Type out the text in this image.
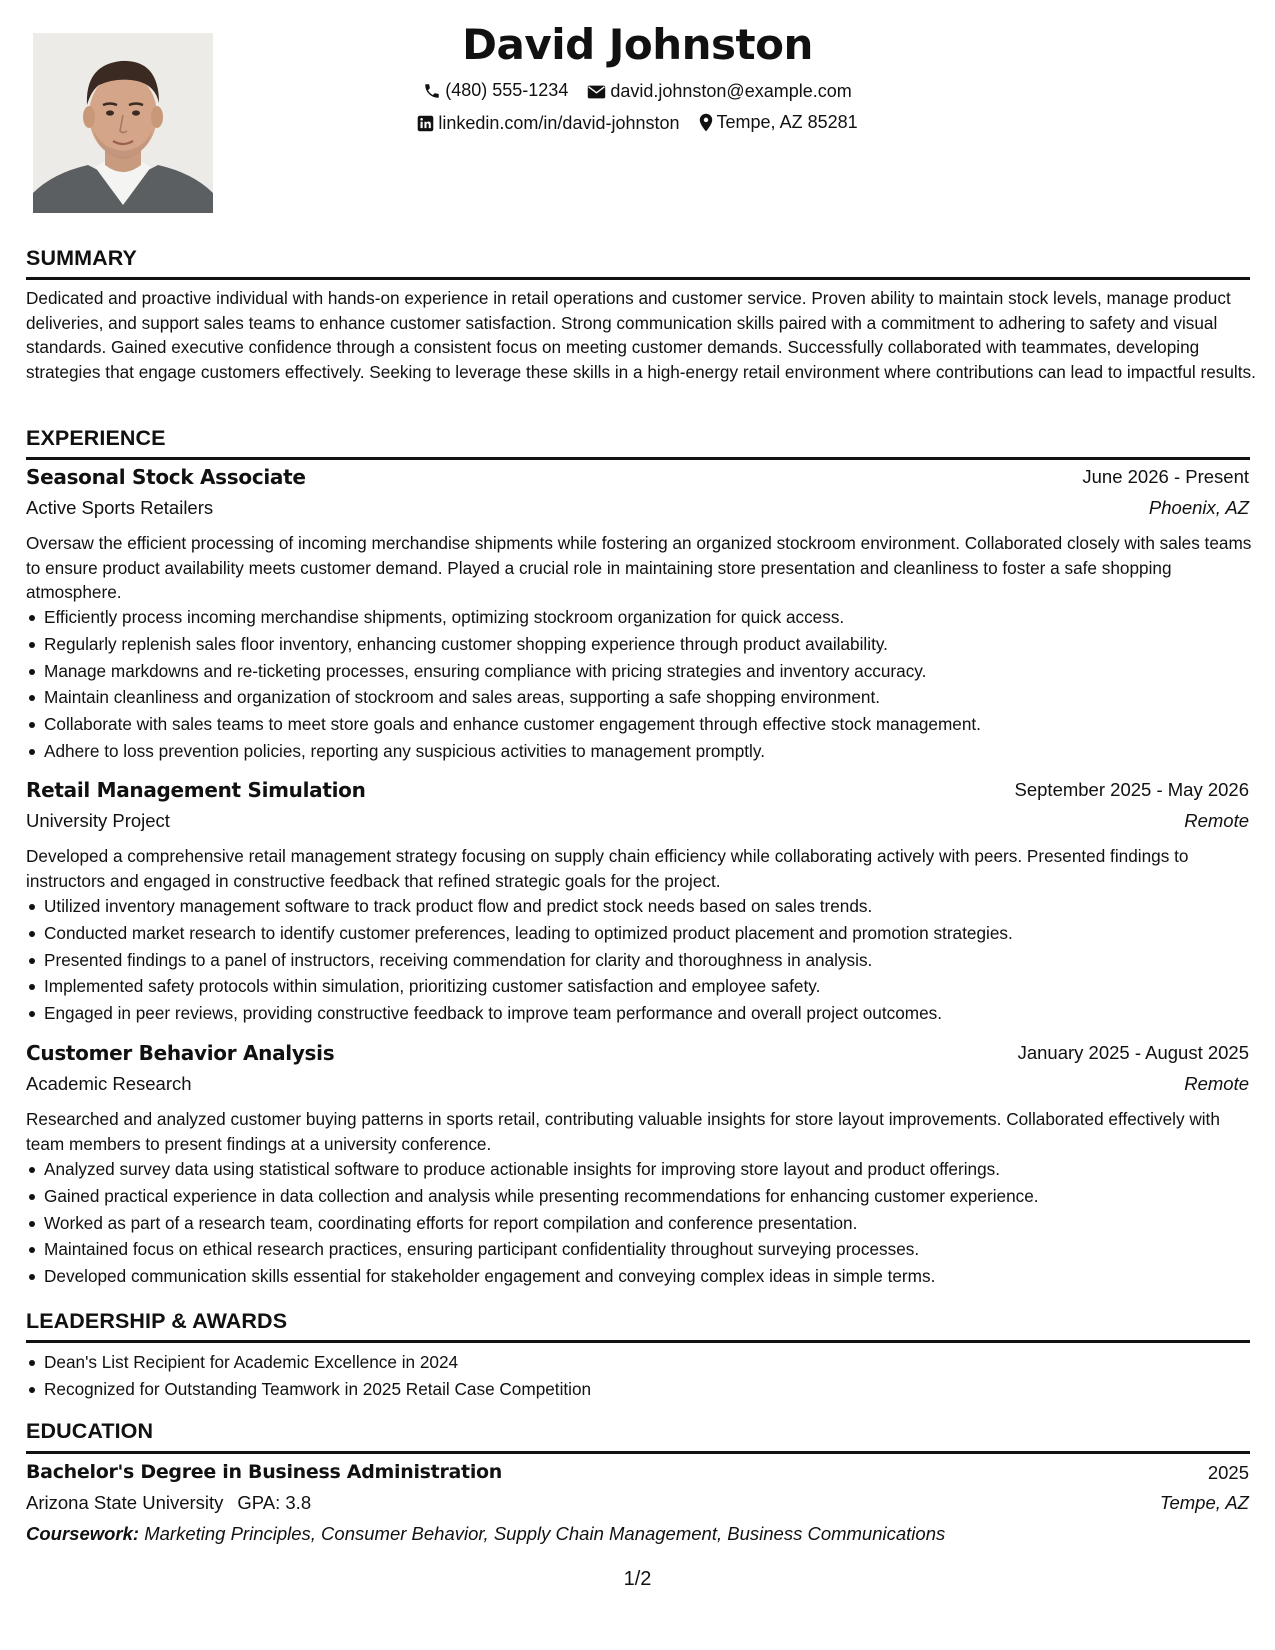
David Johnston
(480) 555-1234
david.johnston@example.com
linkedin.com/in/david-johnston
Tempe, AZ 85281
SUMMARY
Dedicated and proactive individual with hands-on experience in retail operations and customer service. Proven ability to maintain stock levels, manage product deliveries, and support sales teams to enhance customer satisfaction. Strong communication skills paired with a commitment to adhering to safety and visual standards. Gained executive confidence through a consistent focus on meeting customer demands. Successfully collaborated with teammates, developing strategies that engage customers effectively. Seeking to leverage these skills in a high-energy retail environment where contributions can lead to impactful results.
EXPERIENCE
Seasonal Stock Associate	June 2026 - Present
Active Sports Retailers	Phoenix, AZ
Oversaw the efficient processing of incoming merchandise shipments while fostering an organized stockroom environment. Collaborated closely with sales teams to ensure product availability meets customer demand. Played a crucial role in maintaining store presentation and cleanliness to foster a safe shopping atmosphere.
Efficiently process incoming merchandise shipments, optimizing stockroom organization for quick access.
Regularly replenish sales floor inventory, enhancing customer shopping experience through product availability.
Manage markdowns and re-ticketing processes, ensuring compliance with pricing strategies and inventory accuracy.
Maintain cleanliness and organization of stockroom and sales areas, supporting a safe shopping environment.
Collaborate with sales teams to meet store goals and enhance customer engagement through effective stock management.
Adhere to loss prevention policies, reporting any suspicious activities to management promptly.
Retail Management Simulation	September 2025 - May 2026
University Project	Remote
Developed a comprehensive retail management strategy focusing on supply chain efficiency while collaborating actively with peers. Presented findings to instructors and engaged in constructive feedback that refined strategic goals for the project.
Utilized inventory management software to track product flow and predict stock needs based on sales trends.
Conducted market research to identify customer preferences, leading to optimized product placement and promotion strategies.
Presented findings to a panel of instructors, receiving commendation for clarity and thoroughness in analysis.
Implemented safety protocols within simulation, prioritizing customer satisfaction and employee safety.
Engaged in peer reviews, providing constructive feedback to improve team performance and overall project outcomes.
Customer Behavior Analysis	January 2025 - August 2025
Academic Research	Remote
Researched and analyzed customer buying patterns in sports retail, contributing valuable insights for store layout improvements. Collaborated effectively with team members to present findings at a university conference.
Analyzed survey data using statistical software to produce actionable insights for improving store layout and product offerings.
Gained practical experience in data collection and analysis while presenting recommendations for enhancing customer experience.
Worked as part of a research team, coordinating efforts for report compilation and conference presentation.
Maintained focus on ethical research practices, ensuring participant confidentiality throughout surveying processes.
Developed communication skills essential for stakeholder engagement and conveying complex ideas in simple terms.
LEADERSHIP & AWARDS
Dean's List Recipient for Academic Excellence in 2024
Recognized for Outstanding Teamwork in 2025 Retail Case Competition
EDUCATION
Bachelor's Degree in Business Administration	2025
Arizona State University GPA: 3.8	Tempe, AZ
Coursework: Marketing Principles, Consumer Behavior, Supply Chain Management, Business Communications
1/2
